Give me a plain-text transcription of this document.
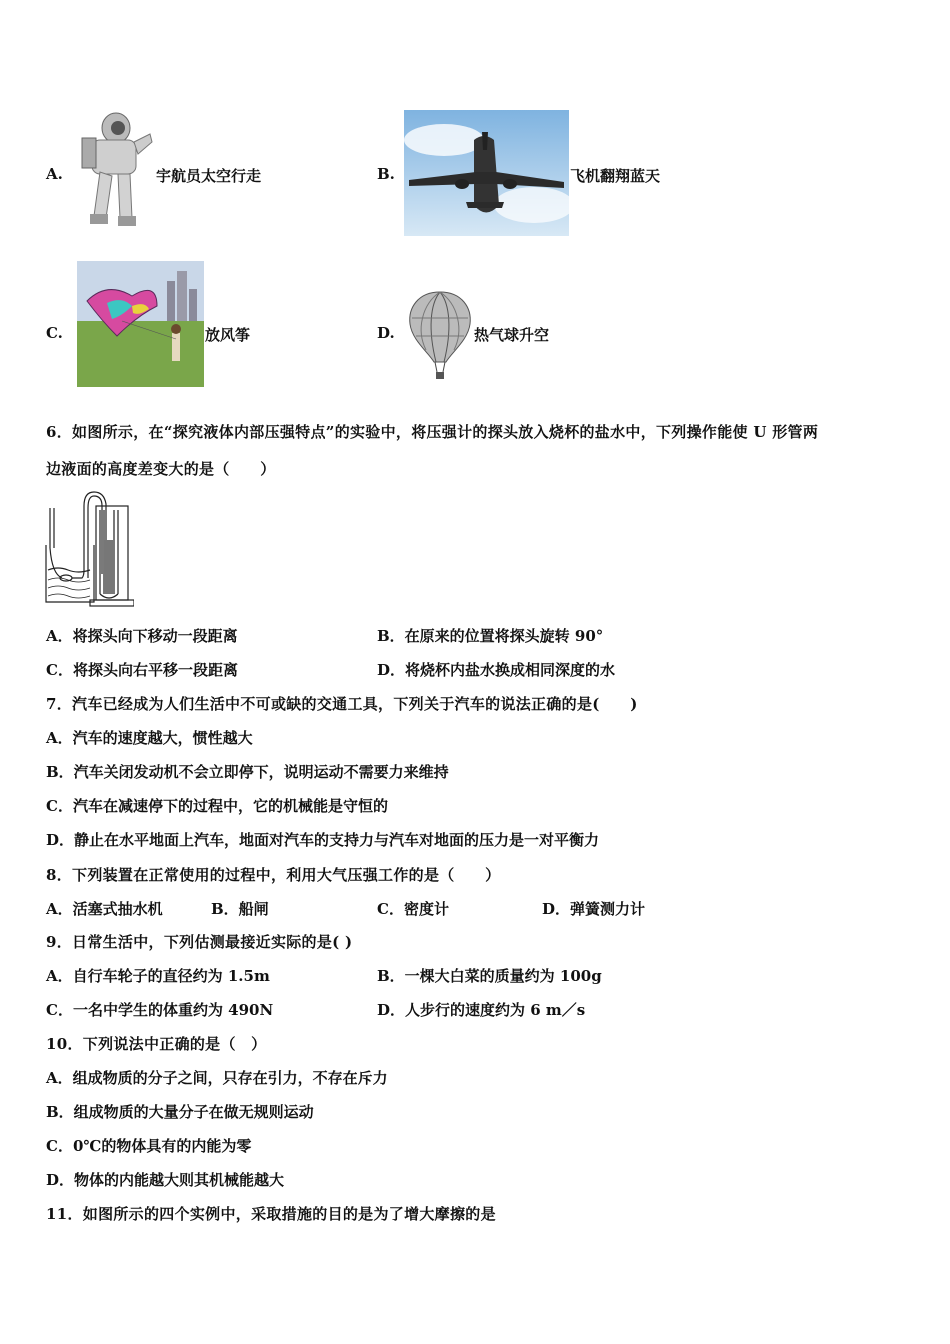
A.	宇航员太空行走	B.	飞机翻翔蓝天
C.	放风筝	D.	热气球升空
6．如图所示，在“探究液体内部压强特点”的实验中，将压强计的探头放入烧杯的盐水中，下列操作能使 U 形管两
边液面的高度差变大的是（　　）
A．将探头向下移动一段距离	B．在原来的位置将探头旋转 90°
C．将探头向右平移一段距离	D．将烧杯内盐水换成相同深度的水
7．汽车已经成为人们生活中不可或缺的交通工具，下列关于汽车的说法正确的是(　　)
A．汽车的速度越大，惯性越大
B．汽车关闭发动机不会立即停下，说明运动不需要力来维持
C．汽车在减速停下的过程中，它的机械能是守恒的
D．静止在水平地面上汽车，地面对汽车的支持力与汽车对地面的压力是一对平衡力
8．下列装置在正常使用的过程中，利用大气压强工作的是（　　）
A．活塞式抽水机	B．船闸	C．密度计	D．弹簧测力计
9．日常生活中，下列估测最接近实际的是( )
A．自行车轮子的直径约为 1.5m	B．一棵大白菜的质量约为 100g
C．一名中学生的体重约为 490N	D．人步行的速度约为 6 m／s
10．下列说法中正确的是（　）
A．组成物质的分子之间，只存在引力，不存在斥力
B．组成物质的大量分子在做无规则运动
C．0℃的物体具有的内能为零
D．物体的内能越大则其机械能越大
11．如图所示的四个实例中，采取措施的目的是为了增大摩擦的是
